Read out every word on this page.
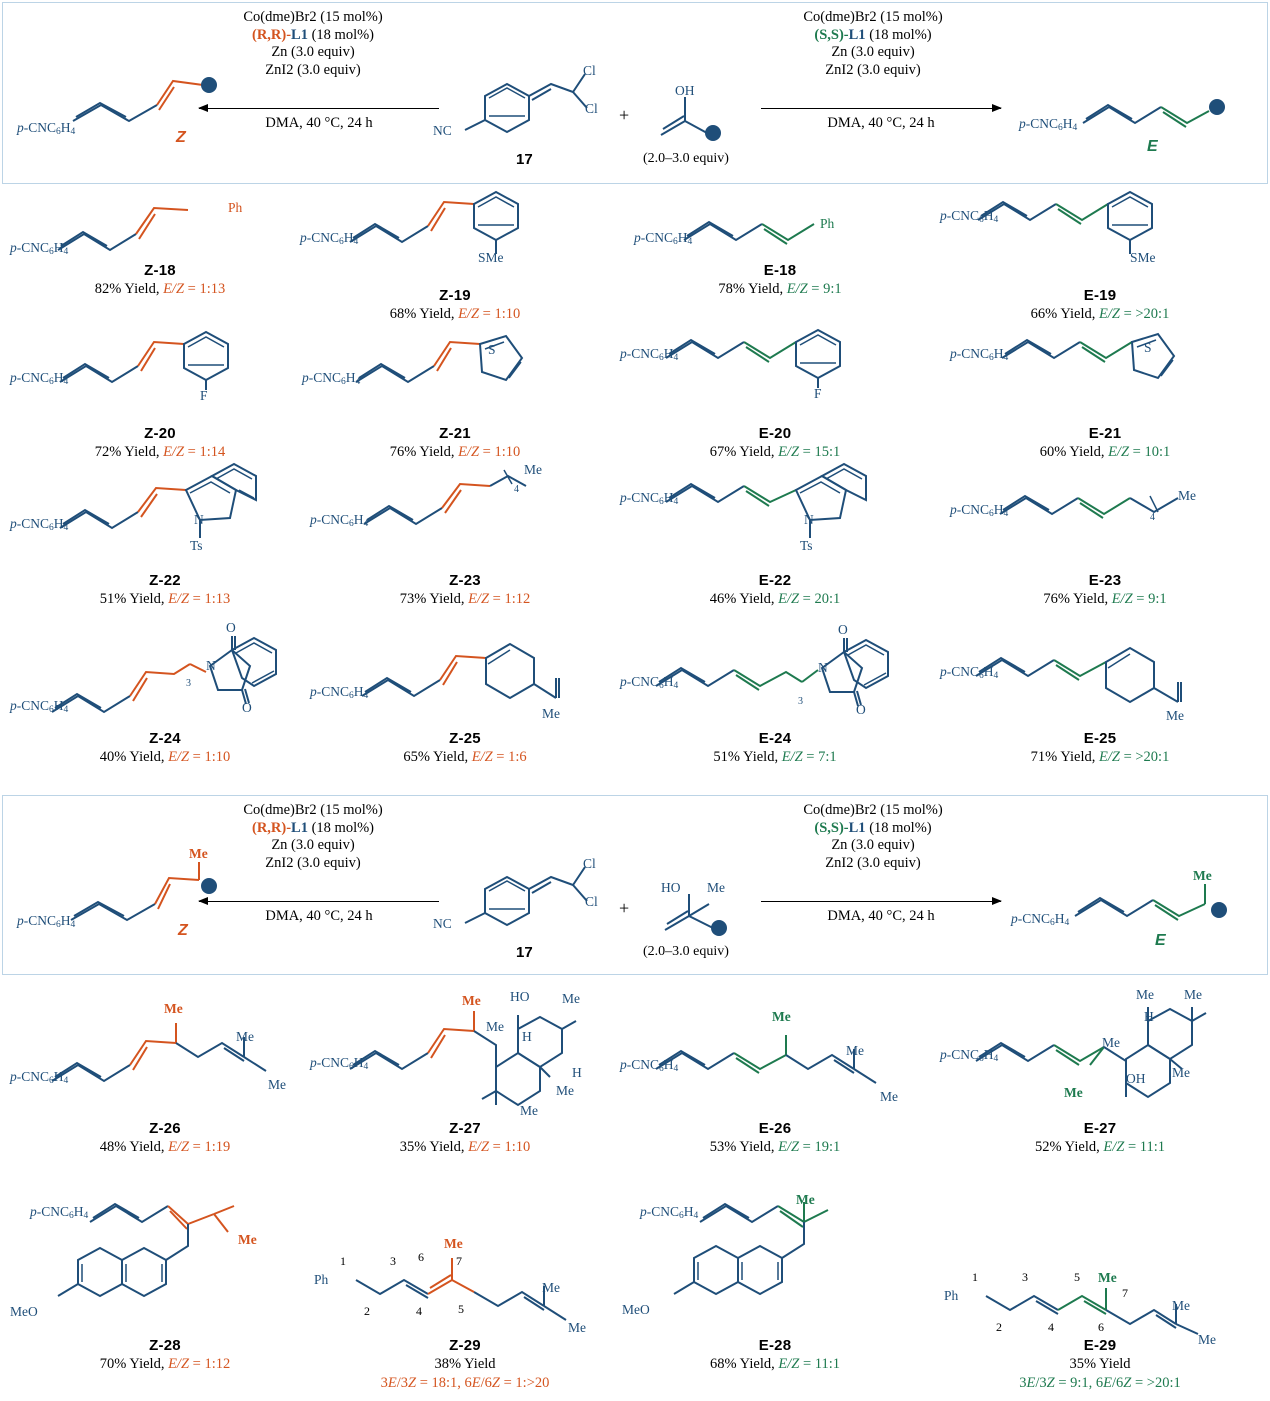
Co(dme)Br2 (15 mol%)
(R,R)-L1 (18 mol%)
Zn (3.0 equiv)
ZnI2 (3.0 equiv)
DMA, 40 °C, 24 h
$p-CNC_6H_4$	Z	NC
Cl
Cl
17
+
OH
(2.0–3.0 equiv)
Co(dme)Br2 (15 mol%)
(S,S)-L1 (18 mol%)
Zn (3.0 equiv)
ZnI2 (3.0 equiv)
DMA, 40 °C, 24 h	$p-CNC_6H_4$
E
$p-CNC_6H_4$
Ph
Z-18
82% Yield, E/Z = 1:13
$p-CNC_6H_4$
SMe
Z-19
68% Yield, E/Z = 1:10
$p-CNC_6H_4$
Ph
E-18
78% Yield, E/Z = 9:1
$p-CNC_6H_4$
SMe
E-19
66% Yield, E/Z = >20:1
$p-CNC_6H_4$
F
Z-20
72% Yield, E/Z = 1:14
$p-CNC_6H_4$
S
Z-21
76% Yield, E/Z = 1:10
$p-CNC_6H_4$
F
E-20
67% Yield, E/Z = 15:1
$p-CNC_6H_4$
S
E-21
60% Yield, E/Z = 10:1
$p-CNC_6H_4$
N
Ts
Z-22
51% Yield, E/Z = 1:13
$p-CNC_6H_4$
4
Me
Z-23
73% Yield, E/Z = 1:12
$p-CNC_6H_4$
N
Ts
E-22
46% Yield, E/Z = 20:1
$p-CNC_6H_4$	4
Me
E-23
76% Yield, E/Z = 9:1
$p-CNC_6H_4$
3
N
O
O
Z-24
40% Yield, E/Z = 1:10
$p-CNC_6H_4$
Me
Z-25
65% Yield, E/Z = 1:6
$p-CNC_6H_4$
3
N
O
O
E-24
51% Yield, E/Z = 7:1
$p-CNC_6H_4$
Me
E-25
71% Yield, E/Z = >20:1
Co(dme)Br2 (15 mol%)
(R,R)-L1 (18 mol%)
Zn (3.0 equiv)
ZnI2 (3.0 equiv)
DMA, 40 °C, 24 h
$p-CNC_6H_4$
Me
Z	NC
Cl
Cl
17
+
HO Me
(2.0–3.0 equiv)
Co(dme)Br2 (15 mol%)
(S,S)-L1 (18 mol%)
Zn (3.0 equiv)
ZnI2 (3.0 equiv)
DMA, 40 °C, 24 h	$p-CNC_6H_4$
Me
E
$p-CNC_6H_4$
Me
Me
Me
Z-26
48% Yield, E/Z = 1:19
Me
$p-CNC_6H_4$
HO Me
Me
H
H
Me
Me
Z-27
35% Yield, E/Z = 1:10
$p-CNC_6H_4$
Me
Me
Me
E-26
53% Yield, E/Z = 19:1
$p-CNC_6H_4$
Me Me
H
Me
Me
OH
Me
E-27
52% Yield, E/Z = 11:1
$p-CNC_6H_4$
MeO
Me
Z-28
70% Yield, E/Z = 1:12
Ph
Me
Me
Me
1
2
3
4	5
6	7
Z-29
38% Yield
3E/3Z = 18:1, 6E/6Z = 1:>20
$p-CNC_6H_4$
MeO
Me
E-28
68% Yield, E/Z = 11:1
Ph
Me
Me
Me
1
2
3
4
5
6
7
E-29
35% Yield
3E/3Z = 9:1, 6E/6Z = >20:1
